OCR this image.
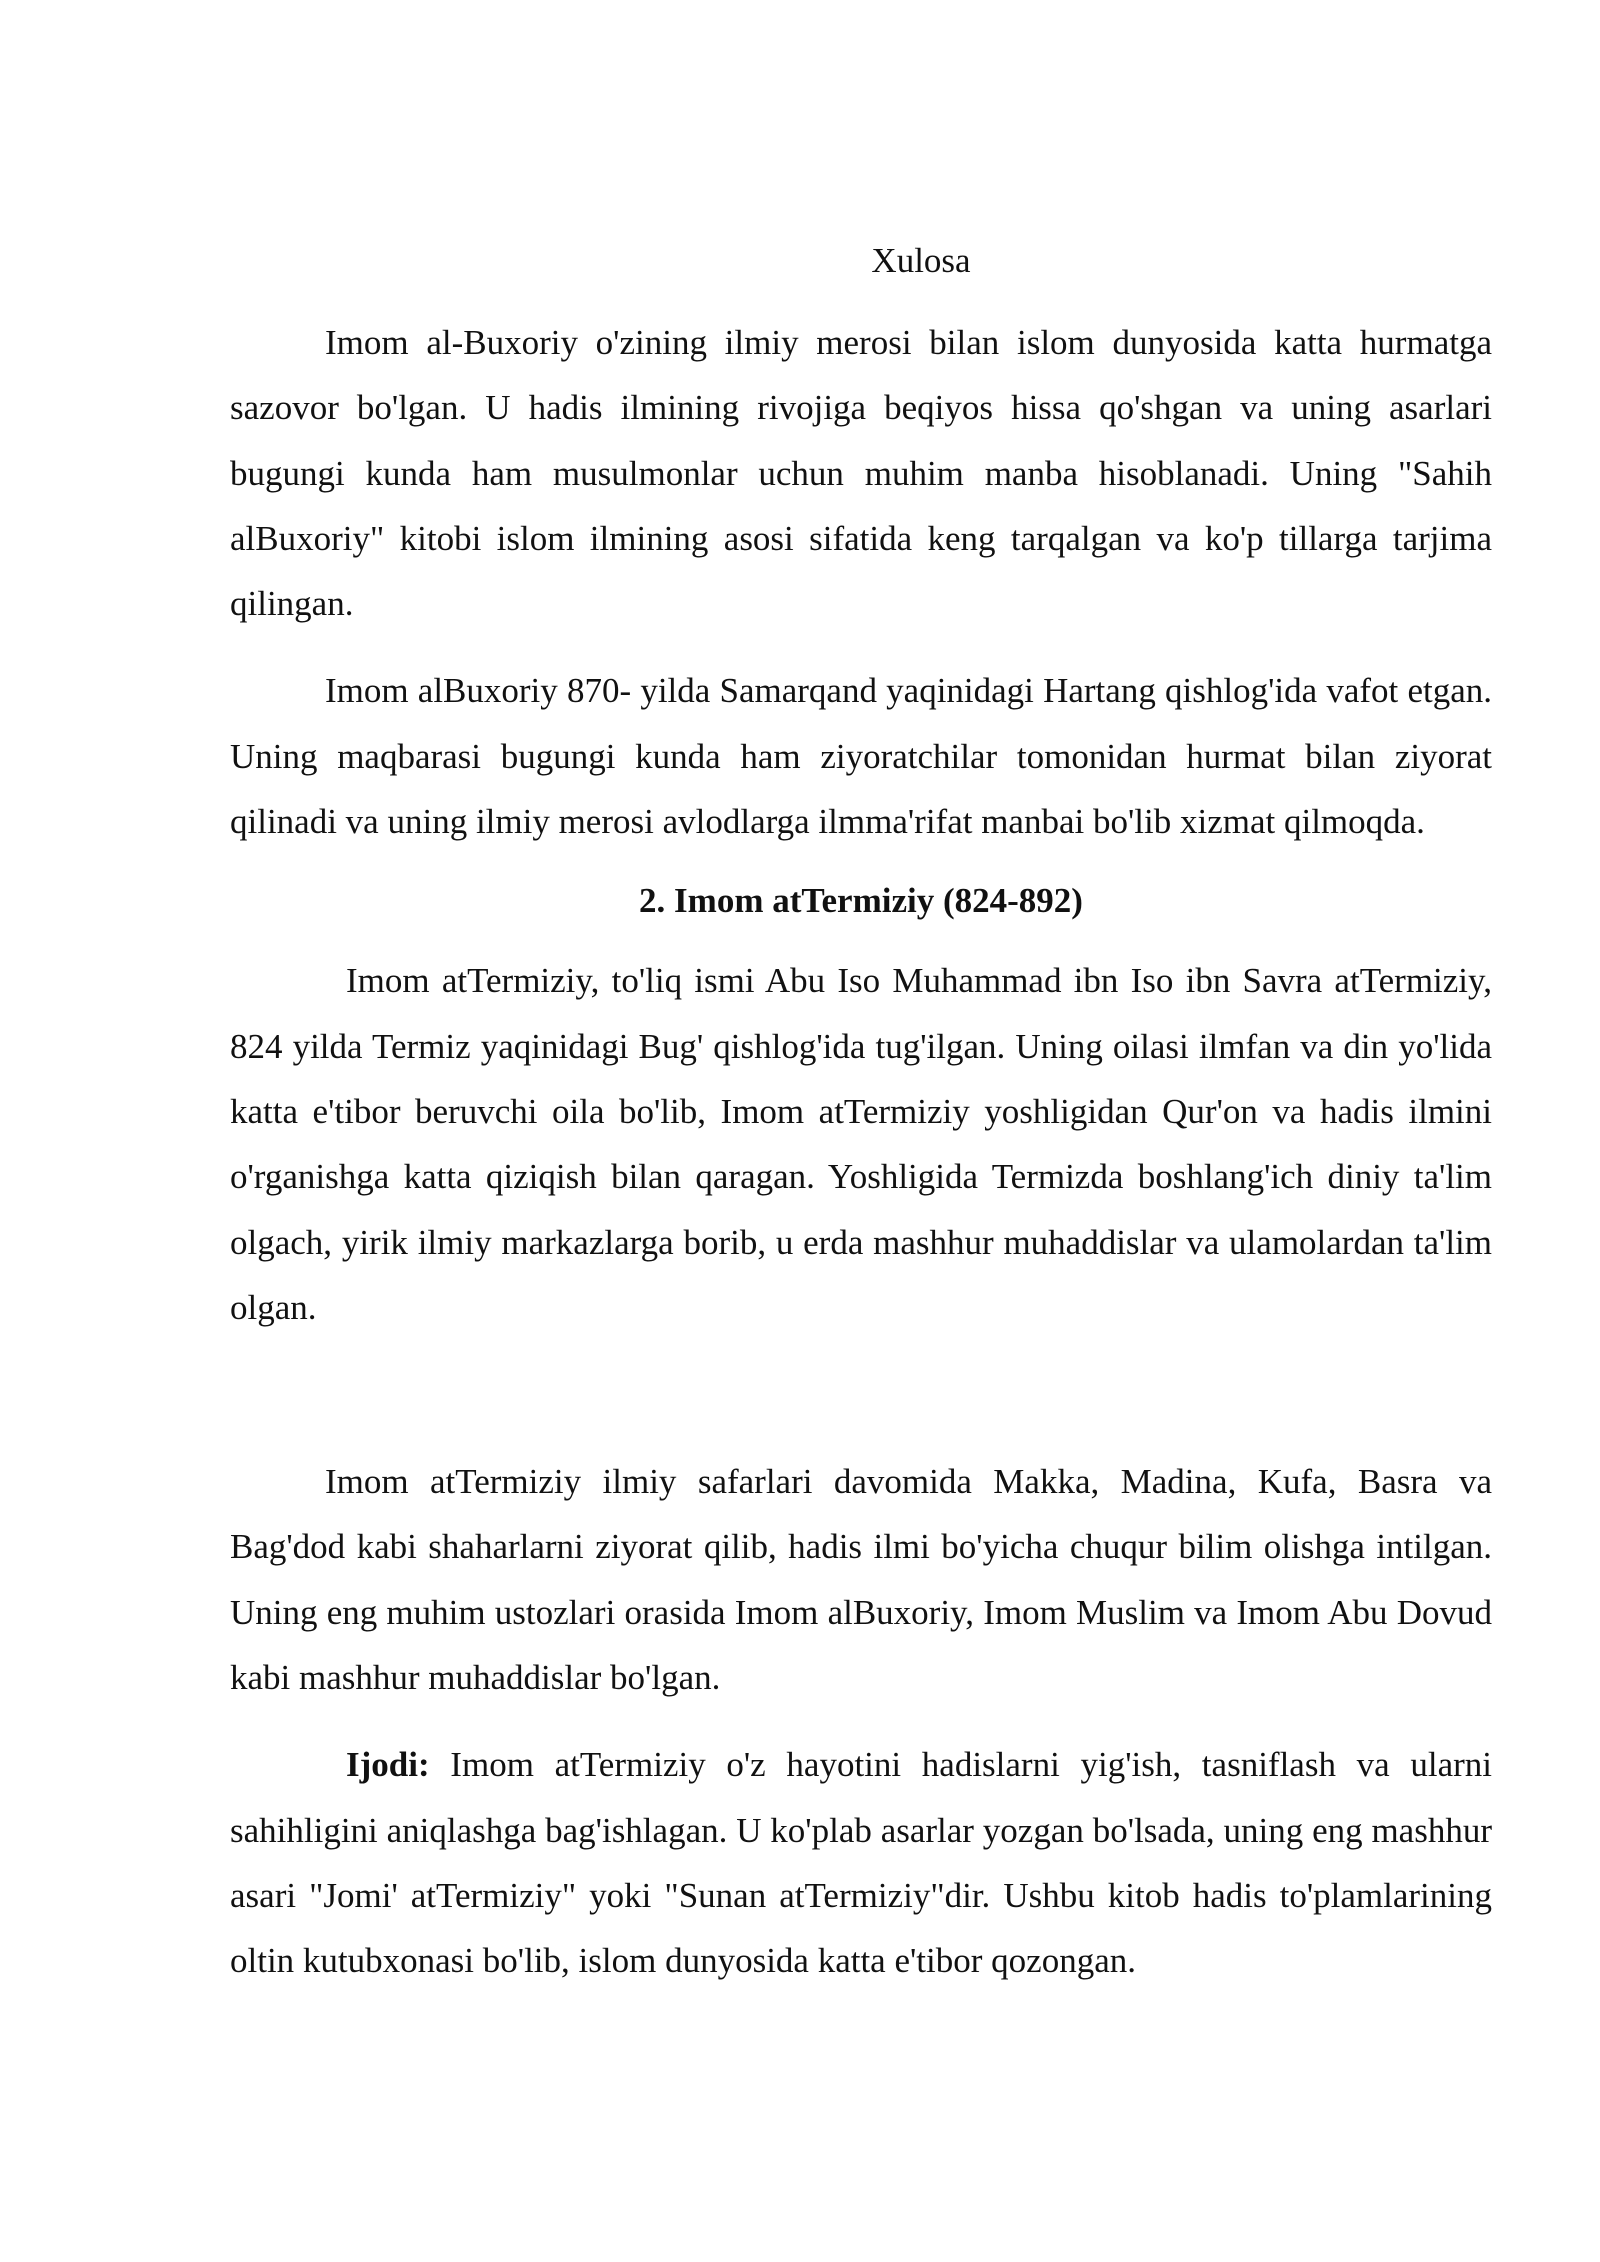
Xulosa

Imom al-Buxoriy o'zining ilmiy merosi bilan islom dunyosida katta hurmatga sazovor bo'lgan. U hadis ilmining rivojiga beqiyos hissa qo'shgan va uning asarlari bugungi kunda ham musulmonlar uchun muhim manba hisoblanadi. Uning "Sahih alBuxoriy" kitobi islom ilmining asosi sifatida keng tarqalgan va ko'p tillarga tarjima qilingan.

Imom alBuxoriy 870- yilda Samarqand yaqinidagi Hartang qishlog'ida vafot etgan. Uning maqbarasi bugungi kunda ham ziyoratchilar tomonidan hurmat bilan ziyorat qilinadi va uning ilmiy merosi avlodlarga ilmma'rifat manbai bo'lib xizmat qilmoqda.

2. Imom atTermiziy (824-892)

Imom atTermiziy, to'liq ismi Abu Iso Muhammad ibn Iso ibn Savra atTermiziy, 824 yilda Termiz yaqinidagi Bug' qishlog'ida tug'ilgan. Uning oilasi ilmfan va din yo'lida katta e'tibor beruvchi oila bo'lib, Imom atTermiziy yoshligidan Qur'on va hadis ilmini o'rganishga katta qiziqish bilan qaragan. Yoshligida Termizda boshlang'ich diniy ta'lim olgach, yirik ilmiy markazlarga borib, u erda mashhur muhaddislar va ulamolardan ta'lim olgan.

Imom atTermiziy ilmiy safarlari davomida Makka, Madina, Kufa, Basra va Bag'dod kabi shaharlarni ziyorat qilib, hadis ilmi bo'yicha chuqur bilim olishga intilgan. Uning eng muhim ustozlari orasida Imom alBuxoriy, Imom Muslim va Imom Abu Dovud kabi mashhur muhaddislar bo'lgan.

Ijodi: Imom atTermiziy o'z hayotini hadislarni yig'ish, tasniflash va ularni sahihligini aniqlashga bag'ishlagan. U ko'plab asarlar yozgan bo'lsada, uning eng mashhur asari "Jomi' atTermiziy" yoki "Sunan atTermiziy"dir. Ushbu kitob hadis to'plamlarining oltin kutubxonasi bo'lib, islom dunyosida katta e'tibor qozongan.
